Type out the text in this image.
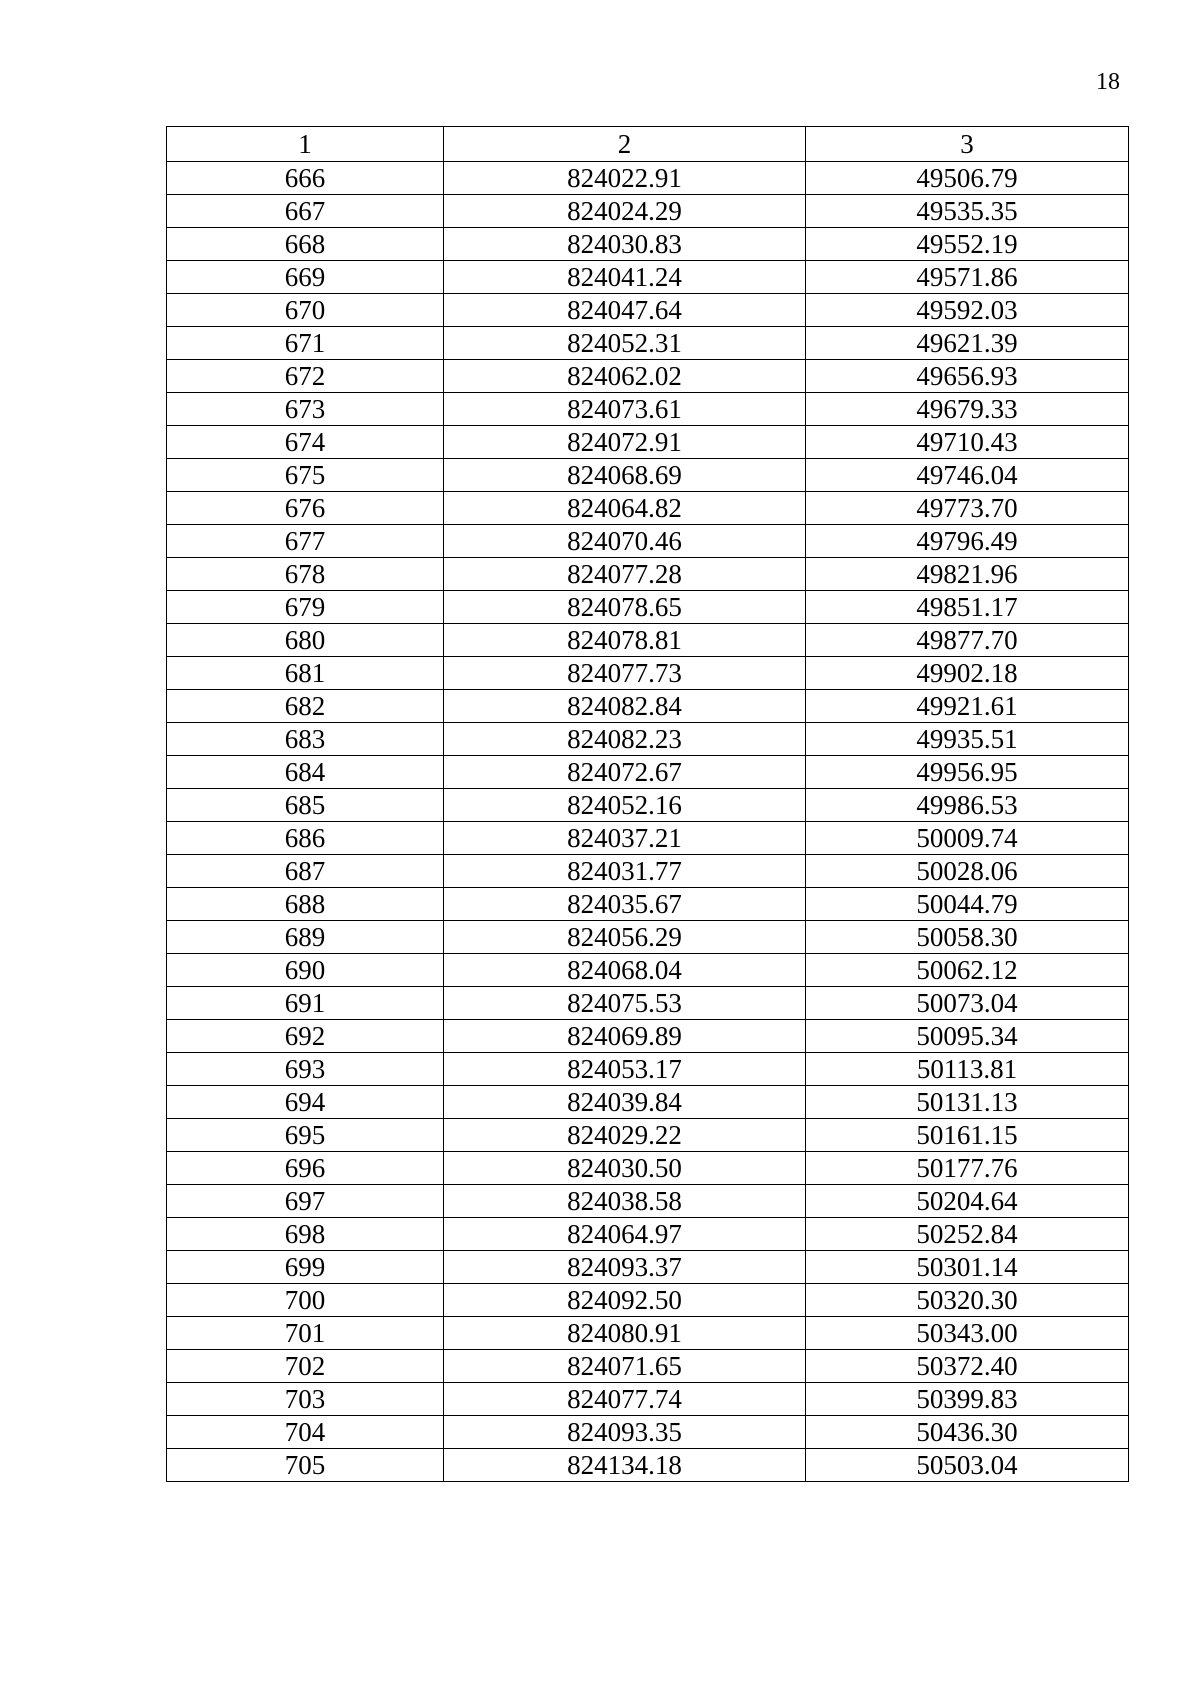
18
1	2	3
666	824022.91	49506.79
667	824024.29	49535.35
668	824030.83	49552.19
669	824041.24	49571.86
670	824047.64	49592.03
671	824052.31	49621.39
672	824062.02	49656.93
673	824073.61	49679.33
674	824072.91	49710.43
675	824068.69	49746.04
676	824064.82	49773.70
677	824070.46	49796.49
678	824077.28	49821.96
679	824078.65	49851.17
680	824078.81	49877.70
681	824077.73	49902.18
682	824082.84	49921.61
683	824082.23	49935.51
684	824072.67	49956.95
685	824052.16	49986.53
686	824037.21	50009.74
687	824031.77	50028.06
688	824035.67	50044.79
689	824056.29	50058.30
690	824068.04	50062.12
691	824075.53	50073.04
692	824069.89	50095.34
693	824053.17	50113.81
694	824039.84	50131.13
695	824029.22	50161.15
696	824030.50	50177.76
697	824038.58	50204.64
698	824064.97	50252.84
699	824093.37	50301.14
700	824092.50	50320.30
701	824080.91	50343.00
702	824071.65	50372.40
703	824077.74	50399.83
704	824093.35	50436.30
705	824134.18	50503.04
